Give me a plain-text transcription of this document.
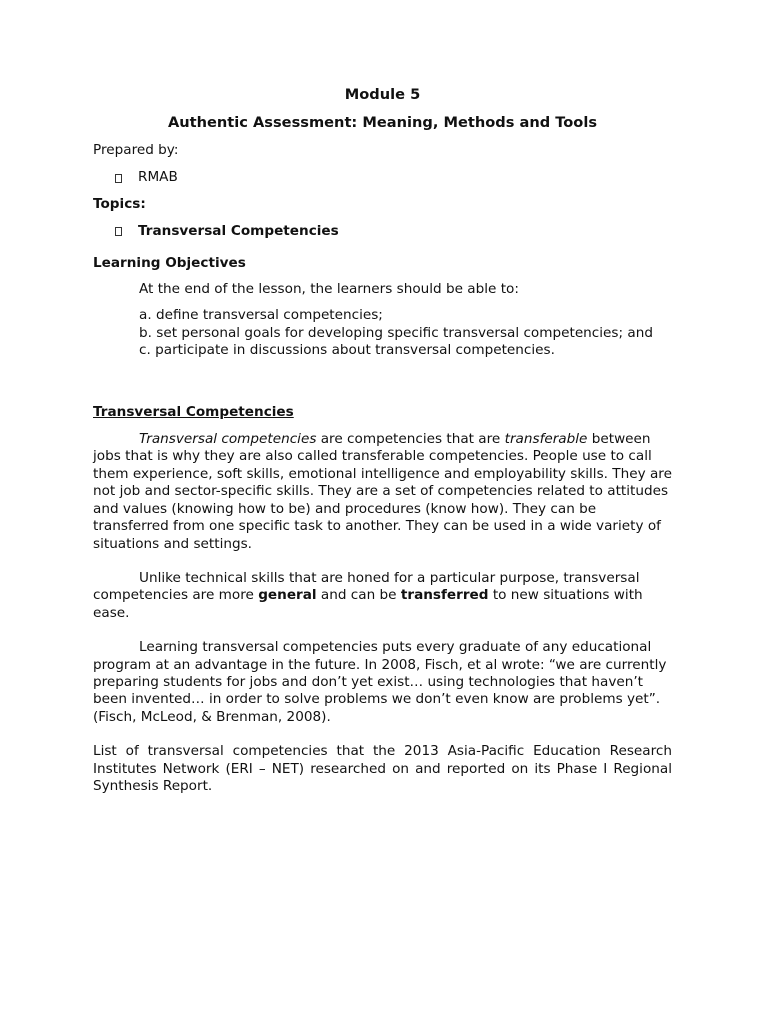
Module 5

Authentic Assessment: Meaning, Methods and Tools

Prepared by:

RMAB

Topics:

Transversal Competencies

Learning Objectives

At the end of the lesson, the learners should be able to:

a. define transversal competencies;
b. set personal goals for developing specific transversal competencies; and
c. participate in discussions about transversal competencies.

Transversal Competencies

Transversal competencies are competencies that are transferable between jobs that is why they are also called transferable competencies. People use to call them experience, soft skills, emotional intelligence and employability skills. They are not job and sector-specific skills. They are a set of competencies related to attitudes and values (knowing how to be) and procedures (know how). They can be transferred from one specific task to another. They can be used in a wide variety of situations and settings.

Unlike technical skills that are honed for a particular purpose, transversal competencies are more general and can be transferred to new situations with ease.

Learning transversal competencies puts every graduate of any educational program at an advantage in the future. In 2008, Fisch, et al wrote: “we are currently preparing students for jobs and don’t yet exist… using technologies that haven’t been invented… in order to solve problems we don’t even know are problems yet”. (Fisch, McLeod, & Brenman, 2008).

List of transversal competencies that the 2013 Asia-Pacific Education Research Institutes Network (ERI – NET) researched on and reported on its Phase I Regional Synthesis Report.
